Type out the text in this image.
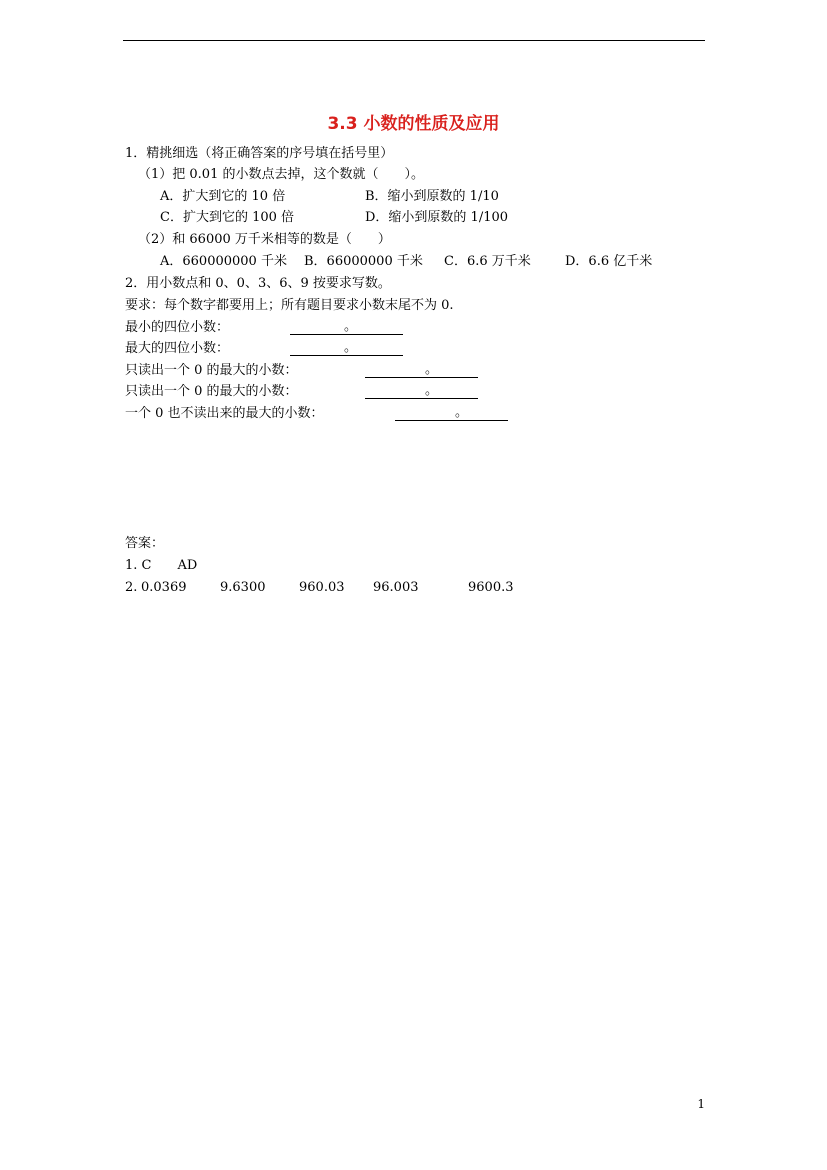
3.3 小数的性质及应用
1．精挑细选（将正确答案的序号填在括号里）
（1）把 0.01 的小数点去掉，这个数就（　　）。
A．扩大到它的 10 倍	B．缩小到原数的 1/10
C．扩大到它的 100 倍	D．缩小到原数的 1/100
（2）和 66000 万千米相等的数是（　　）
A．660000000 千米 B．66000000 千米 C．6.6 万千米	D．6.6 亿千米
2．用小数点和 0、0、3、6、9 按要求写数。
要求：每个数字都要用上；所有题目要求小数末尾不为 0.
最小的四位小数：	。
最大的四位小数：	。
只读出一个 0 的最大的小数：	。
只读出一个 0 的最大的小数：	。
一个 0 也不读出来的最大的小数：	。
答案：
1. C　　AD
2. 0.0369	9.6300	960.03 96.003	9600.3
1
